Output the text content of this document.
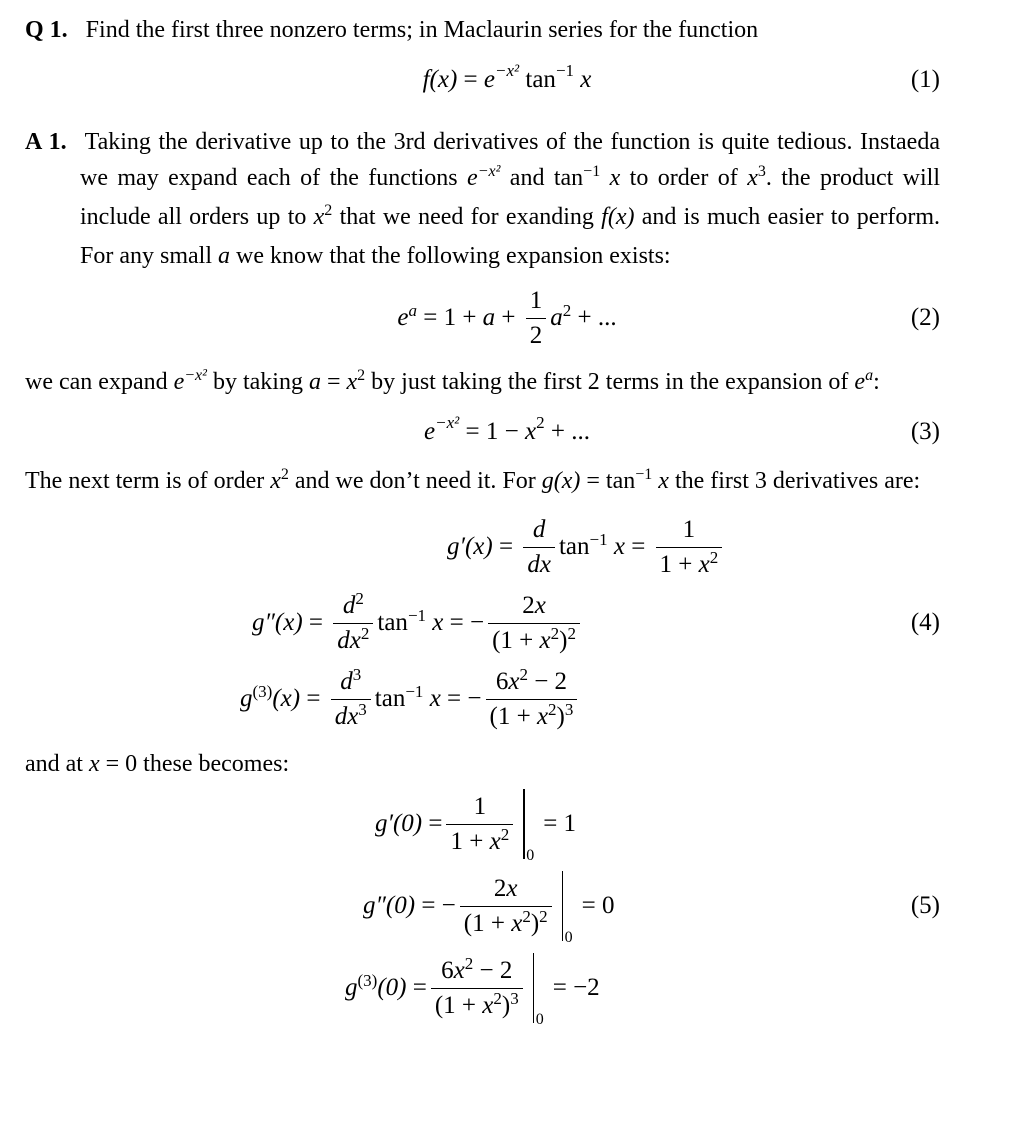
Q 1. Find the first three nonzero terms; in Maclaurin series for the function

f(x) = e −x² tan −1
x	(1)

A 1. Taking the derivative up to the 3rd derivatives of the function is quite tedious. Instaeda we may expand each of the functions $e^{-x^2}$ and $\tan^{-1} x$ to order of $x^3$. the product will include all orders up to $x^2$ that we need for exanding f(x) and is much easier to perform. For any small a we know that the following expansion exists:

$e^a = 1 + a + \frac{1}{2} a^2$ + ...	(2)

we can expand $e^{-x^2}$ by taking $a = x^2$ by just taking the first 2 terms in the expansion of $e^a$:

e −x² = 1 − x 2 + ...	(3)

The next term is of order $x^2$ and we don’t need it. For $g(x) = \tan^{-1} x$ the first 3 derivatives are:

$g'(x) = \frac{d}{dx} \tan^{-1} x = \frac{1}{1 + x^2}$
$g''(x) = \frac{d^2}{dx^2} \tan^{-1} x$ = − $\frac{2x}{(1 + x^2)^2}$	(4)
$g^{(3)}(x) = \frac{d^3}{dx^3} \tan^{-1} x$ = − $\frac{6x^2 - 2}{(1 + x^2)^3}$

and at x = 0 these becomes:

$g'(0) = \frac{1}{1 + x^2}$

0

= 1
g″(0) = − $\frac{2x}{(1 + x^2)^2}$

0

= 0	(5)
$g^{(3)}(0) = \frac{6x^2 - 2}{(1 + x^2)^3}$

0

= −2
